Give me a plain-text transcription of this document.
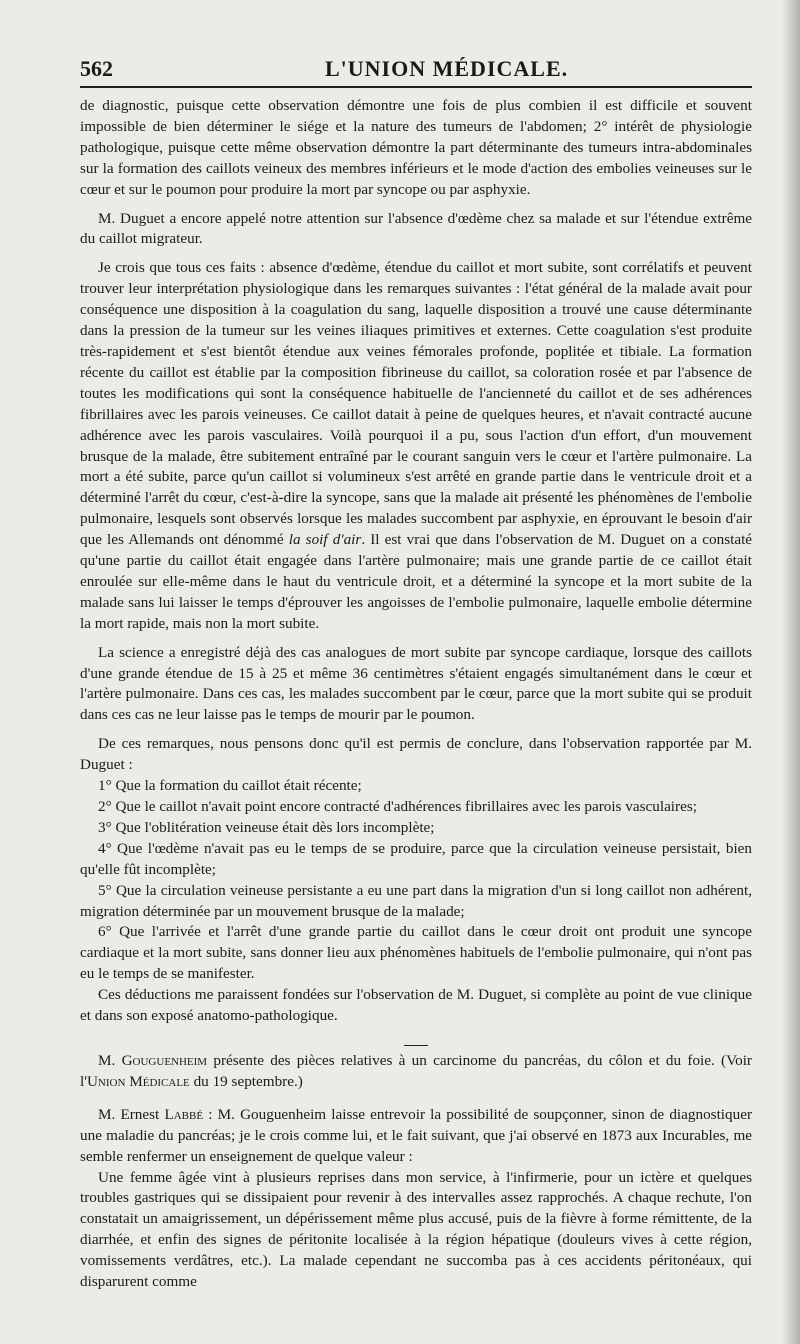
562	L'UNION MÉDICALE.

de diagnostic, puisque cette observation démontre une fois de plus combien il est difficile et souvent impossible de bien déterminer le siége et la nature des tumeurs de l'abdomen; 2° intérêt de physiologie pathologique, puisque cette même observation démontre la part déterminante des tumeurs intra-abdominales sur la formation des caillots veineux des membres inférieurs et le mode d'action des embolies veineuses sur le cœur et sur le poumon pour produire la mort par syncope ou par asphyxie.

M. Duguet a encore appelé notre attention sur l'absence d'œdème chez sa malade et sur l'étendue extrême du caillot migrateur.

Je crois que tous ces faits : absence d'œdème, étendue du caillot et mort subite, sont corrélatifs et peuvent trouver leur interprétation physiologique dans les remarques suivantes : l'état général de la malade avait pour conséquence une disposition à la coagulation du sang, laquelle disposition a trouvé une cause déterminante dans la pression de la tumeur sur les veines iliaques primitives et externes. Cette coagulation s'est produite très-rapidement et s'est bientôt étendue aux veines fémorales profonde, poplitée et tibiale. La formation récente du caillot est établie par la composition fibrineuse du caillot, sa coloration rosée et par l'absence de toutes les modifications qui sont la conséquence habituelle de l'ancienneté du caillot et de ses adhérences fibrillaires avec les parois veineuses. Ce caillot datait à peine de quelques heures, et n'avait contracté aucune adhérence avec les parois vasculaires. Voilà pourquoi il a pu, sous l'action d'un effort, d'un mouvement brusque de la malade, être subitement entraîné par le courant sanguin vers le cœur et l'artère pulmonaire. La mort a été subite, parce qu'un caillot si volumineux s'est arrêté en grande partie dans le ventricule droit et a déterminé l'arrêt du cœur, c'est-à-dire la syncope, sans que la malade ait présenté les phénomènes de l'embolie pulmonaire, lesquels sont observés lorsque les malades succombent par asphyxie, en éprouvant le besoin d'air que les Allemands ont dénommé la soif d'air. Il est vrai que dans l'observation de M. Duguet on a constaté qu'une partie du caillot était engagée dans l'artère pulmonaire; mais une grande partie de ce caillot était enroulée sur elle-même dans le haut du ventricule droit, et a déterminé la syncope et la mort subite de la malade sans lui laisser le temps d'éprouver les angoisses de l'embolie pulmonaire, laquelle embolie détermine la mort rapide, mais non la mort subite.

La science a enregistré déjà des cas analogues de mort subite par syncope cardiaque, lorsque des caillots d'une grande étendue de 15 à 25 et même 36 centimètres s'étaient engagés simultanément dans le cœur et l'artère pulmonaire. Dans ces cas, les malades succombent par le cœur, parce que la mort subite qui se produit dans ces cas ne leur laisse pas le temps de mourir par le poumon.

De ces remarques, nous pensons donc qu'il est permis de conclure, dans l'observation rapportée par M. Duguet :

1° Que la formation du caillot était récente;

2° Que le caillot n'avait point encore contracté d'adhérences fibrillaires avec les parois vasculaires;

3° Que l'oblitération veineuse était dès lors incomplète;

4° Que l'œdème n'avait pas eu le temps de se produire, parce que la circulation veineuse persistait, bien qu'elle fût incomplète;

5° Que la circulation veineuse persistante a eu une part dans la migration d'un si long caillot non adhérent, migration déterminée par un mouvement brusque de la malade;

6° Que l'arrivée et l'arrêt d'une grande partie du caillot dans le cœur droit ont produit une syncope cardiaque et la mort subite, sans donner lieu aux phénomènes habituels de l'embolie pulmonaire, qui n'ont pas eu le temps de se manifester.

Ces déductions me paraissent fondées sur l'observation de M. Duguet, si complète au point de vue clinique et dans son exposé anatomo-pathologique.

M. Gouguenheim présente des pièces relatives à un carcinome du pancréas, du côlon et du foie. (Voir l'Union Médicale du 19 septembre.)

M. Ernest Labbé : M. Gouguenheim laisse entrevoir la possibilité de soupçonner, sinon de diagnostiquer une maladie du pancréas; je le crois comme lui, et le fait suivant, que j'ai observé en 1873 aux Incurables, me semble renfermer un enseignement de quelque valeur :

Une femme âgée vint à plusieurs reprises dans mon service, à l'infirmerie, pour un ictère et quelques troubles gastriques qui se dissipaient pour revenir à des intervalles assez rapprochés. A chaque rechute, l'on constatait un amaigrissement, un dépérissement même plus accusé, puis de la fièvre à forme rémittente, de la diarrhée, et enfin des signes de péritonite localisée à la région hépatique (douleurs vives à cette région, vomissements verdâtres, etc.). La malade cependant ne succomba pas à ces accidents péritonéaux, qui disparurent comme
